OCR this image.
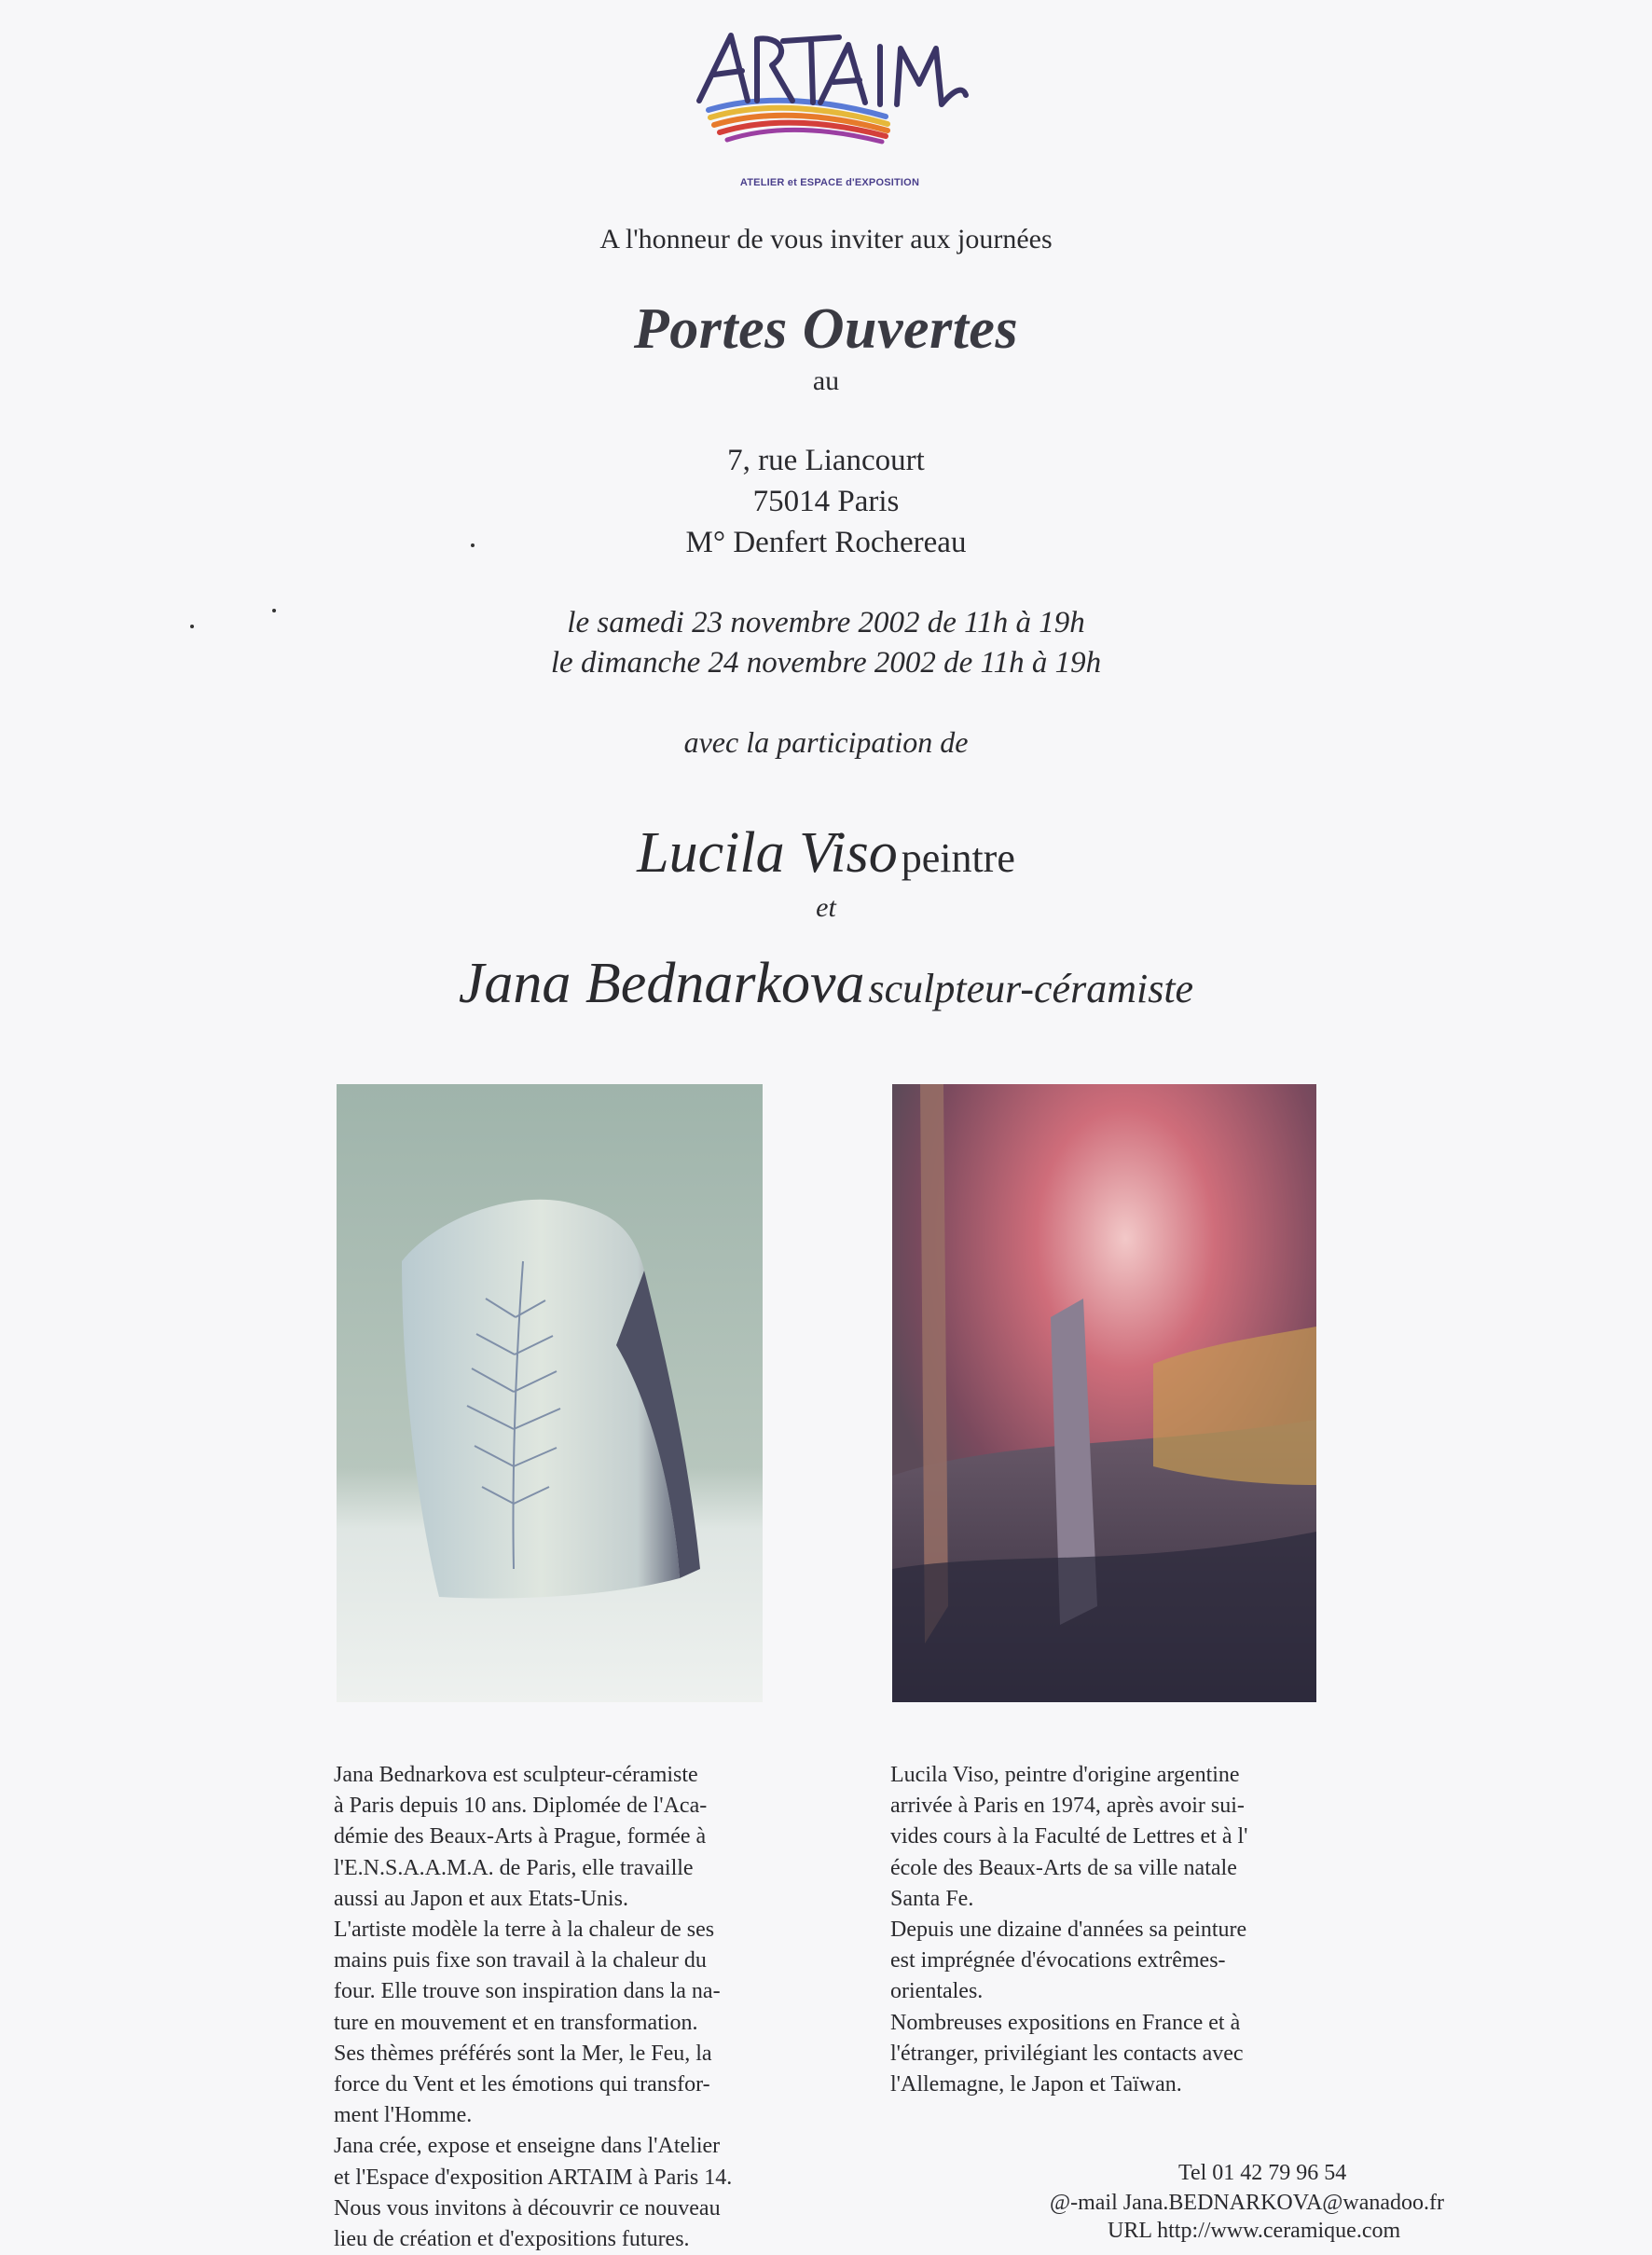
ATELIER et ESPACE d'EXPOSITION
A l'honneur de vous inviter aux journées
Portes Ouvertes
au
7, rue Liancourt
75014 Paris
M° Denfert Rochereau
le samedi 23 novembre 2002 de 11h à 19h
le dimanche 24 novembre 2002 de 11h à 19h
avec la participation de
Lucila Viso peintre
et
Jana Bednarkova sculpteur-céramiste
Jana Bednarkova est sculpteur-céramiste
à Paris depuis 10 ans. Diplomée de l'Aca-
démie des Beaux-Arts à Prague, formée à
l'E.N.S.A.A.M.A. de Paris, elle travaille
aussi au Japon et aux Etats-Unis.
L'artiste modèle la terre à la chaleur de ses
mains puis fixe son travail à la chaleur du
four. Elle trouve son inspiration dans la na-
ture en mouvement et en transformation.
Ses thèmes préférés sont la Mer, le Feu, la
force du Vent et les émotions qui transfor-
ment l'Homme.
Jana crée, expose et enseigne dans l'Atelier
et l'Espace d'exposition ARTAIM à Paris 14.
Nous vous invitons à découvrir ce nouveau
lieu de création et d'expositions futures.
Lucila Viso, peintre d'origine argentine
arrivée à Paris en 1974, après avoir sui-
vides cours à la Faculté de Lettres et à l'
école des Beaux-Arts de sa ville natale
Santa Fe.
Depuis une dizaine d'années sa peinture
est imprégnée d'évocations extrêmes-
orientales.
Nombreuses expositions en France et à
l'étranger, privilégiant les contacts avec
l'Allemagne, le Japon et Taïwan.
Tel 01 42 79 96 54
@-mail Jana.BEDNARKOVA@wanadoo.fr
URL http://www.ceramique.com
